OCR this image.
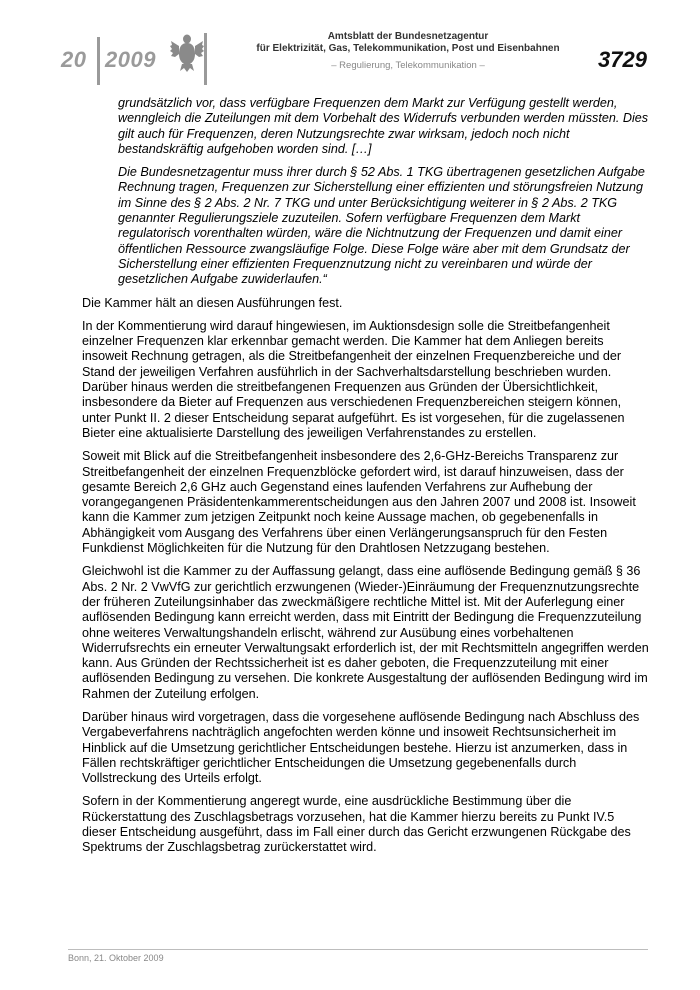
20 2009
Amtsblatt der Bundesnetzagentur
für Elektrizität, Gas, Telekommunikation, Post und Eisenbahnen
– Regulierung, Telekommunikation –	3729

grundsätzlich vor, dass verfügbare Frequenzen dem Markt zur Verfügung gestellt werden, wenngleich die Zuteilungen mit dem Vorbehalt des Widerrufs verbunden werden müssten. Dies gilt auch für Frequenzen, deren Nutzungsrechte zwar wirksam, jedoch noch nicht bestandskräftig aufgehoben worden sind. […]

Die Bundesnetzagentur muss ihrer durch § 52 Abs. 1 TKG übertragenen gesetzlichen Aufgabe Rechnung tragen, Frequenzen zur Sicherstellung einer effizienten und störungsfreien Nutzung im Sinne des § 2 Abs. 2 Nr. 7 TKG und unter Berücksichtigung weiterer in § 2 Abs. 2 TKG genannter Regulierungsziele zuzuteilen. Sofern verfügbare Frequenzen dem Markt regulatorisch vorenthalten würden, wäre die Nichtnutzung der Frequenzen und damit einer öffentlichen Ressource zwangsläufige Folge. Diese Folge wäre aber mit dem Grundsatz der Sicherstellung einer effizienten Frequenznutzung nicht zu vereinbaren und würde der gesetzlichen Aufgabe zuwiderlaufen.“

Die Kammer hält an diesen Ausführungen fest.

In der Kommentierung wird darauf hingewiesen, im Auktionsdesign solle die Streitbefangenheit einzelner Frequenzen klar erkennbar gemacht werden. Die Kammer hat dem Anliegen bereits insoweit Rechnung getragen, als die Streitbefangenheit der einzelnen Frequenzbereiche und der Stand der jeweiligen Verfahren ausführlich in der Sachverhaltsdarstellung beschrieben wurden. Darüber hinaus werden die streitbefangenen Frequenzen aus Gründen der Übersichtlichkeit, insbesondere da Bieter auf Frequenzen aus verschiedenen Frequenzbereichen steigern können, unter Punkt II. 2 dieser Entscheidung separat aufgeführt. Es ist vorgesehen, für die zugelassenen Bieter eine aktualisierte Darstellung des jeweiligen Verfahrenstandes zu erstellen.

Soweit mit Blick auf die Streitbefangenheit insbesondere des 2,6-GHz-Bereichs Transparenz zur Streitbefangenheit der einzelnen Frequenzblöcke gefordert wird, ist darauf hinzuweisen, dass der gesamte Bereich 2,6 GHz auch Gegenstand eines laufenden Verfahrens zur Aufhebung der vorangegangenen Präsidentenkammerentscheidungen aus den Jahren 2007 und 2008 ist. Insoweit kann die Kammer zum jetzigen Zeitpunkt noch keine Aussage machen, ob gegebenenfalls in Abhängigkeit vom Ausgang des Verfahrens über einen Verlängerungsanspruch für den Festen Funkdienst Möglichkeiten für die Nutzung für den Drahtlosen Netzzugang bestehen.

Gleichwohl ist die Kammer zu der Auffassung gelangt, dass eine auflösende Bedingung gemäß § 36 Abs. 2 Nr. 2 VwVfG zur gerichtlich erzwungenen (Wieder-)Einräumung der Frequenznutzungsrechte der früheren Zuteilungsinhaber das zweckmäßigere rechtliche Mittel ist. Mit der Auferlegung einer auflösenden Bedingung kann erreicht werden, dass mit Eintritt der Bedingung die Frequenzzuteilung ohne weiteres Verwaltungshandeln erlischt, während zur Ausübung eines vorbehaltenen Widerrufsrechts ein erneuter Verwaltungsakt erforderlich ist, der mit Rechtsmitteln angegriffen werden kann. Aus Gründen der Rechtssicherheit ist es daher geboten, die Frequenzzuteilung mit einer auflösenden Bedingung zu versehen. Die konkrete Ausgestaltung der auflösenden Bedingung wird im Rahmen der Zuteilung erfolgen.

Darüber hinaus wird vorgetragen, dass die vorgesehene auflösende Bedingung nach Abschluss des Vergabeverfahrens nachträglich angefochten werden könne und insoweit Rechtsunsicherheit im Hinblick auf die Umsetzung gerichtlicher Entscheidungen bestehe. Hierzu ist anzumerken, dass in Fällen rechtskräftiger gerichtlicher Entscheidungen die Umsetzung gegebenenfalls durch Vollstreckung des Urteils erfolgt.

Sofern in der Kommentierung angeregt wurde, eine ausdrückliche Bestimmung über die Rückerstattung des Zuschlagsbetrags vorzusehen, hat die Kammer hierzu bereits zu Punkt IV.5 dieser Entscheidung ausgeführt, dass im Fall einer durch das Gericht erzwungenen Rückgabe des Spektrums der Zuschlagsbetrag zurückerstattet wird.

Bonn, 21. Oktober 2009
